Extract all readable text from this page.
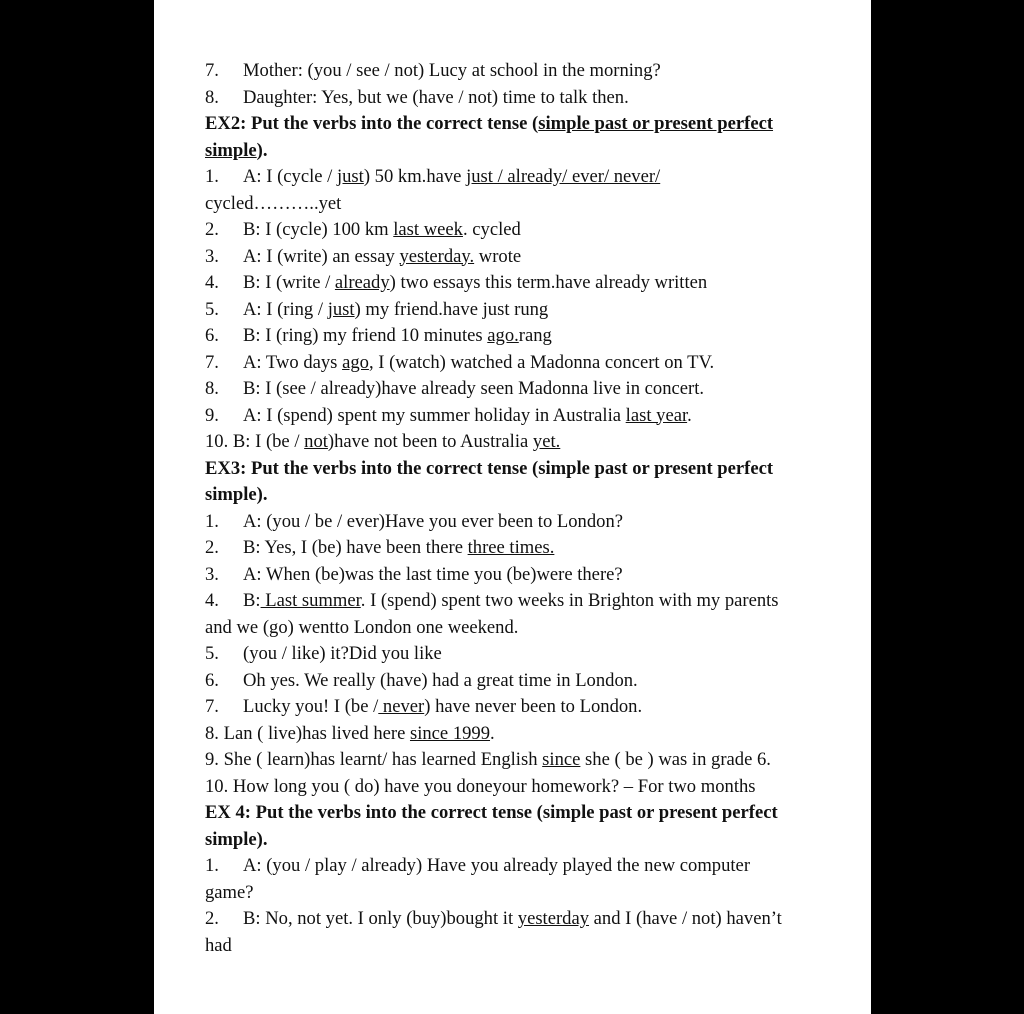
7. Mother: (you / see / not) Lucy at school in the morning?
8. Daughter: Yes, but we (have / not) time to talk then.
EX2: Put the verbs into the correct tense (simple past or present perfect
simple).
1. A: I (cycle / just) 50 km.have just / already/ ever/ never/
cycled………..yet
2. B: I (cycle) 100 km last week. cycled
3. A: I (write) an essay yesterday. wrote
4. B: I (write / already) two essays this term.have already written
5. A: I (ring / just) my friend.have just rung
6. B: I (ring) my friend 10 minutes ago.rang
7. A: Two days ago, I (watch) watched a Madonna concert on TV.
8. B: I (see / already)have already seen Madonna live in concert.
9. A: I (spend) spent my summer holiday in Australia last year.
10. B: I (be / not)have not been to Australia yet.
EX3: Put the verbs into the correct tense (simple past or present perfect
simple).
1. A: (you / be / ever)Have you ever been to London?
2. B: Yes, I (be) have been there three times.
3. A: When (be)was the last time you (be)were there?
4. B: Last summer. I (spend) spent two weeks in Brighton with my parents
and we (go) wentto London one weekend.
5. (you / like) it?Did you like
6. Oh yes. We really (have) had a great time in London.
7. Lucky you! I (be / never) have never been to London.
8. Lan ( live)has lived here since 1999.
9. She ( learn)has learnt/ has learned English since she ( be ) was in grade 6.
10. How long you ( do) have you doneyour homework? – For two months
EX 4: Put the verbs into the correct tense (simple past or present perfect
simple).
1. A: (you / play / already) Have you already played the new computer
game?
2. B: No, not yet. I only (buy)bought it yesterday and I (have / not) haven’t
had
